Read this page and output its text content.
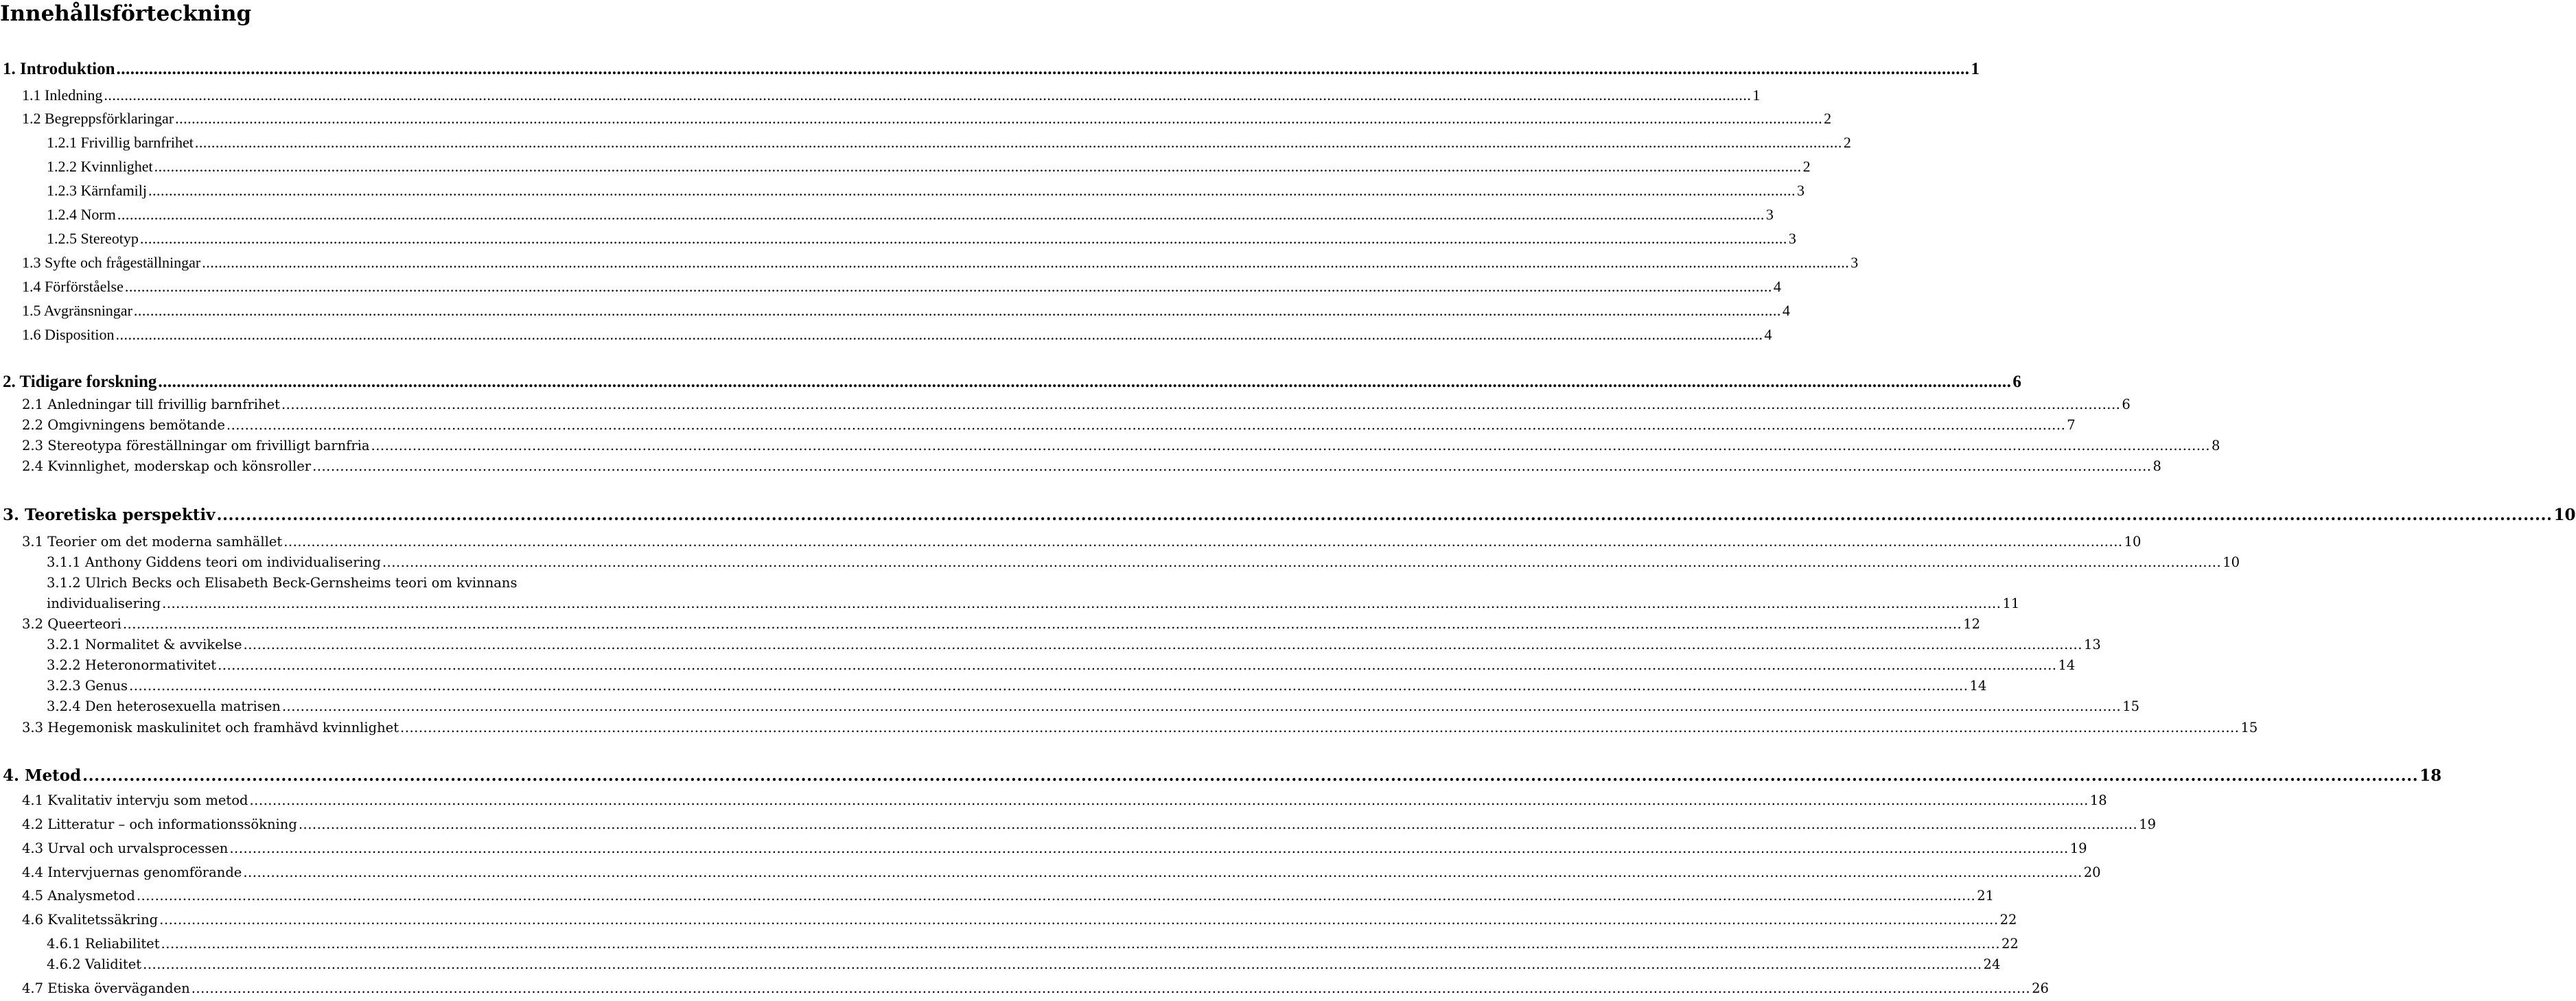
Innehållsförteckning
1. Introduktion .....	1
1.1 Inledning .....	1
1.2 Begreppsförklaringar .....	2
1.2.1 Frivillig barnfrihet .....	2
1.2.2 Kvinnlighet .....	2
1.2.3 Kärnfamilj .....	3
1.2.4 Norm .....	3
1.2.5 Stereotyp .....	3
1.3 Syfte och frågeställningar .....	3
1.4 Förförståelse .....	4
1.5 Avgränsningar .....	4
1.6 Disposition .....	4
2. Tidigare forskning .....	6
2.1 Anledningar till frivillig barnfrihet .....	6
2.2 Omgivningens bemötande .....	7
2.3 Stereotypa föreställningar om frivilligt barnfria .....	8
2.4 Kvinnlighet, moderskap och könsroller .....	8
3. Teoretiska perspektiv .....	10
3.1 Teorier om det moderna samhället .....	10
3.1.1 Anthony Giddens teori om individualisering .....	10
3.1.2 Ulrich Becks och Elisabeth Beck-Gernsheims teori om kvinnans
individualisering .....	11
3.2 Queerteori .....	12
3.2.1 Normalitet & avvikelse .....	13
3.2.2 Heteronormativitet .....	14
3.2.3 Genus .....	14
3.2.4 Den heterosexuella matrisen .....	15
3.3 Hegemonisk maskulinitet och framhävd kvinnlighet .....	15
4. Metod .....	18
4.1 Kvalitativ intervju som metod .....	18
4.2 Litteratur – och informationssökning .....	19
4.3 Urval och urvalsprocessen .....	19
4.4 Intervjuernas genomförande .....	20
4.5 Analysmetod .....	21
4.6 Kvalitetssäkring .....	22
4.6.1 Reliabilitet .....	22
4.6.2 Validitet .....	24
4.7 Etiska överväganden .....	26
